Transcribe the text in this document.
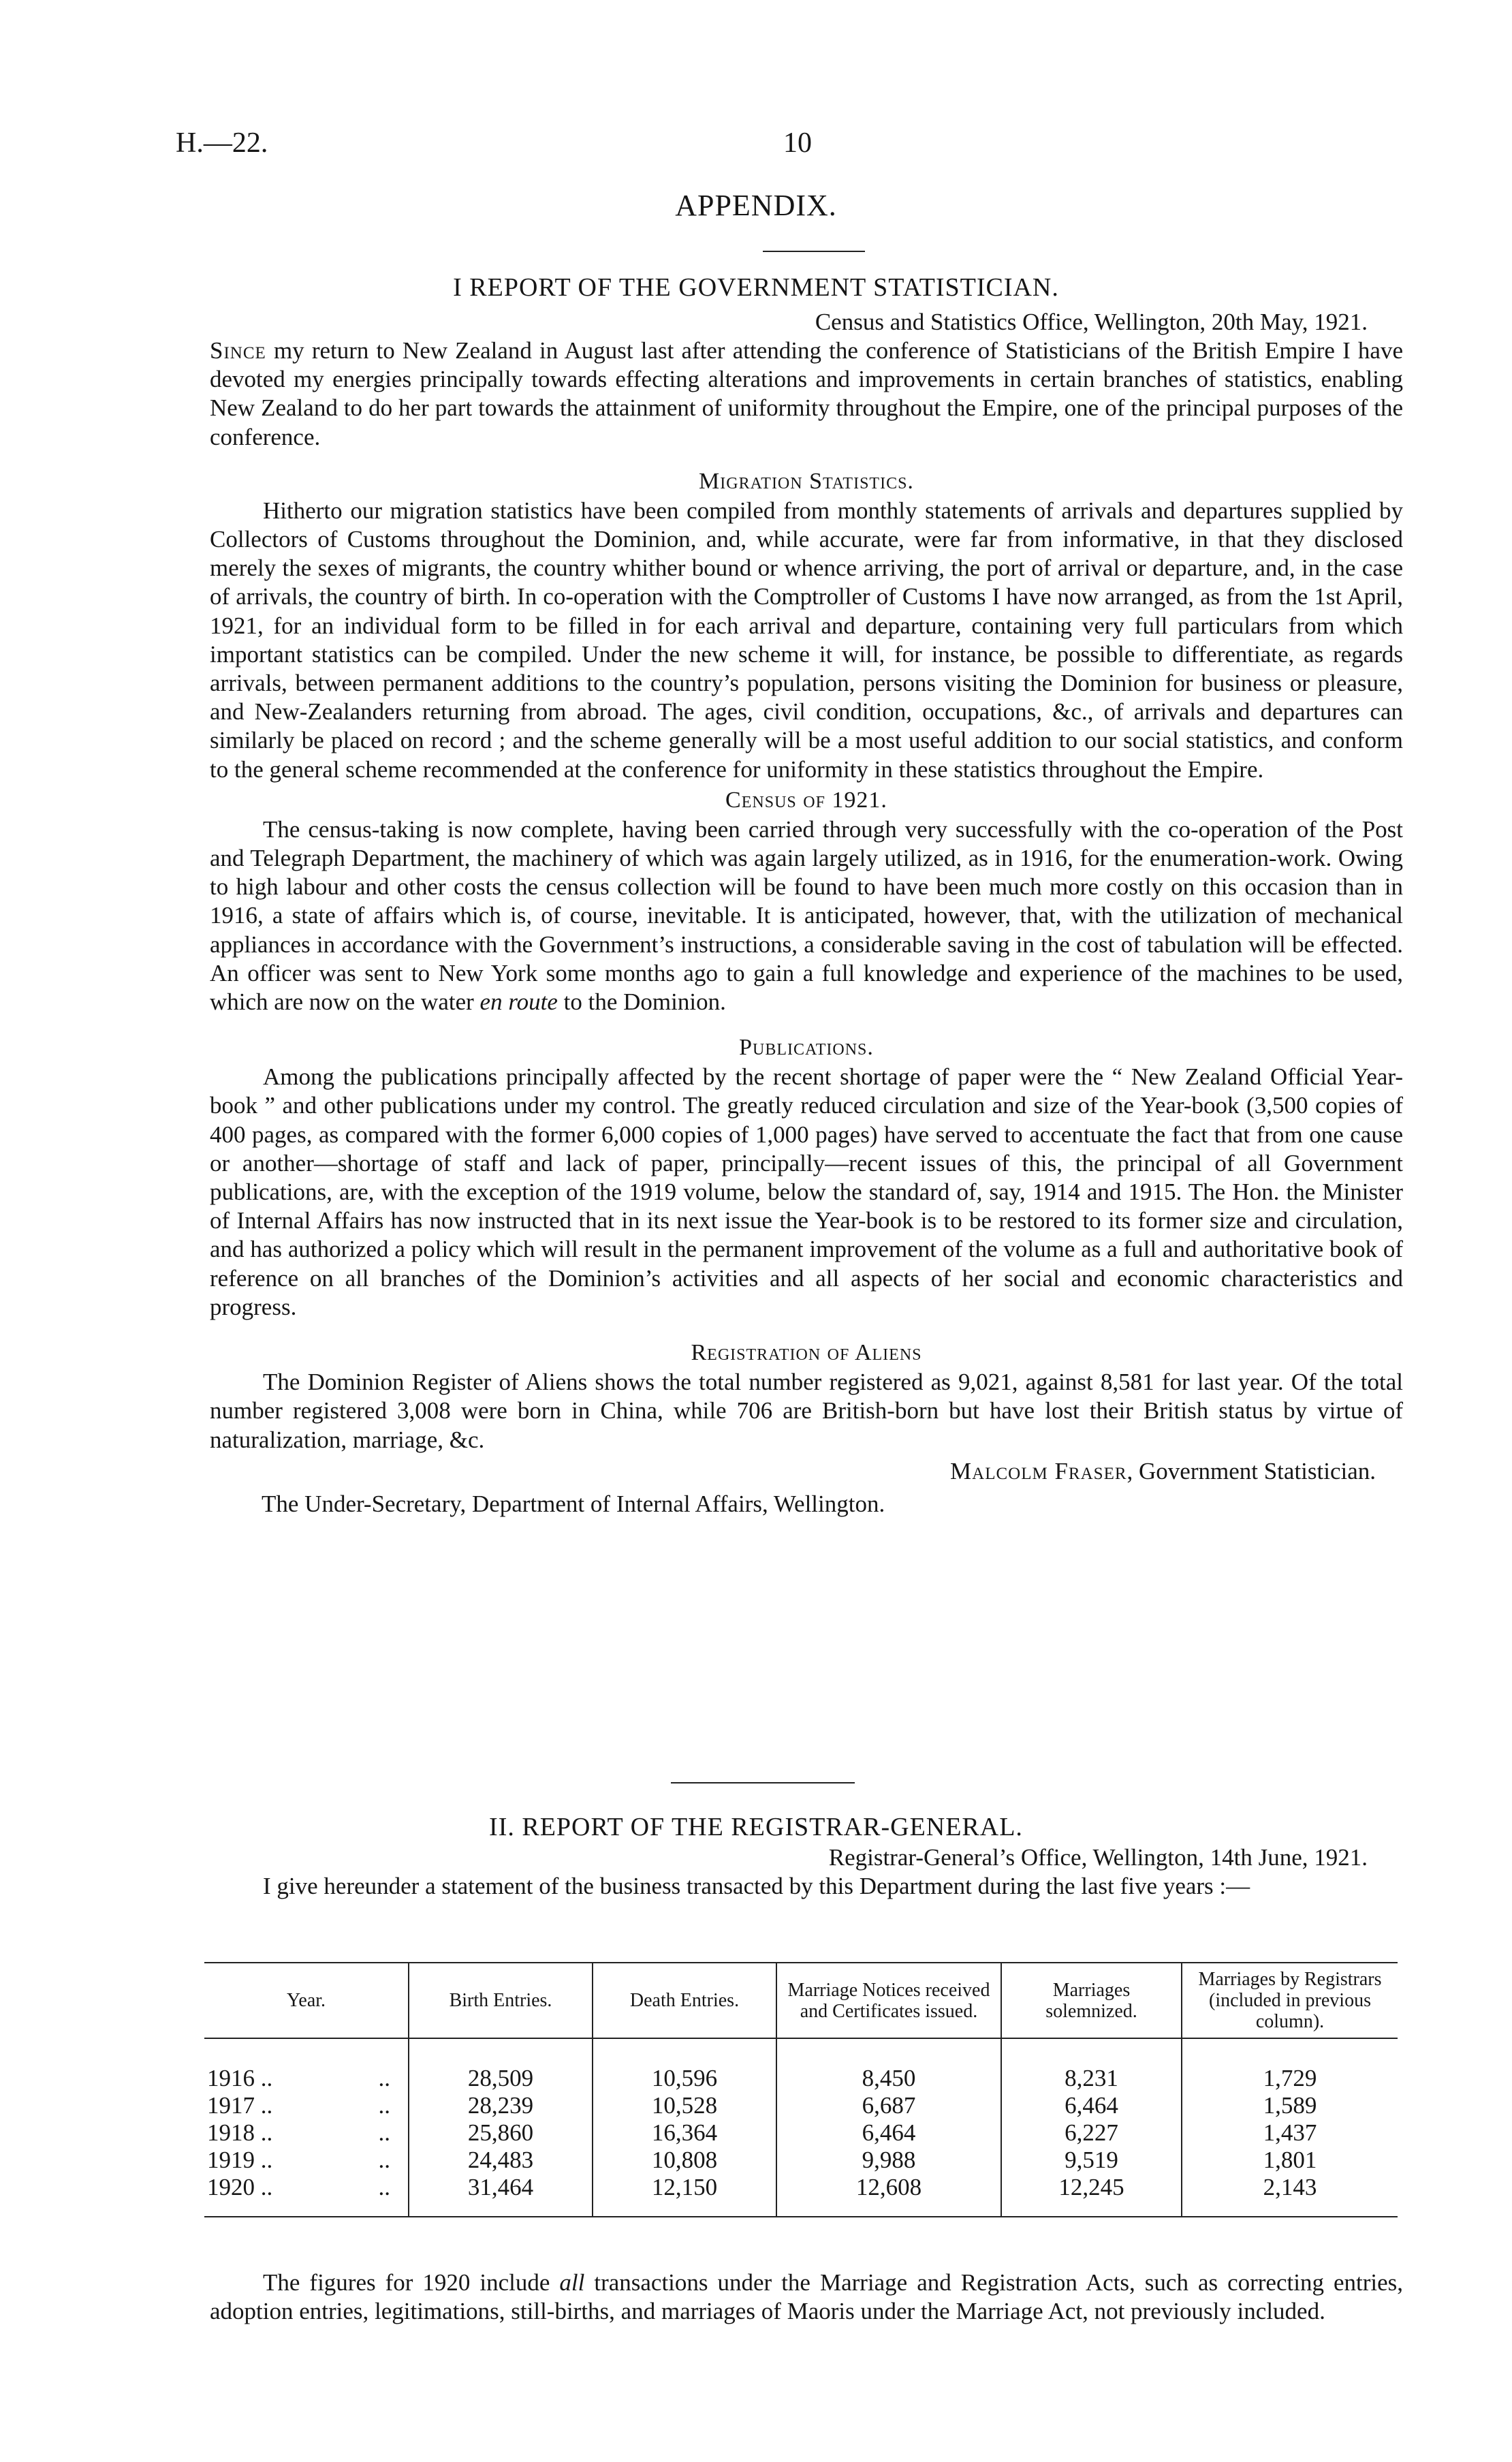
H.—22.	10
APPENDIX.
I REPORT OF THE GOVERNMENT STATISTICIAN.
Census and Statistics Office, Wellington, 20th May, 1921.

Since my return to New Zealand in August last after attending the conference of Statisticians of the British Empire I have devoted my energies principally towards effecting alterations and improvements in certain branches of statistics, enabling New Zealand to do her part towards the attainment of uniformity throughout the Empire, one of the principal purposes of the conference.

Migration Statistics.

Hitherto our migration statistics have been compiled from monthly statements of arrivals and departures supplied by Collectors of Customs throughout the Dominion, and, while accurate, were far from informative, in that they disclosed merely the sexes of migrants, the country whither bound or whence arriving, the port of arrival or departure, and, in the case of arrivals, the country of birth. In co-operation with the Comptroller of Customs I have now arranged, as from the 1st April, 1921, for an individual form to be filled in for each arrival and departure, containing very full particulars from which important statistics can be compiled. Under the new scheme it will, for instance, be possible to differentiate, as regards arrivals, between permanent additions to the country’s population, persons visiting the Dominion for business or pleasure, and New-Zealanders returning from abroad. The ages, civil condition, occupations, &c., of arrivals and departures can similarly be placed on record ; and the scheme generally will be a most useful addition to our social statistics, and conform to the general scheme recommended at the conference for uniformity in these statistics throughout the Empire.

Census of 1921.

The census-taking is now complete, having been carried through very successfully with the co-operation of the Post and Telegraph Department, the machinery of which was again largely utilized, as in 1916, for the enumeration-work. Owing to high labour and other costs the census collection will be found to have been much more costly on this occasion than in 1916, a state of affairs which is, of course, inevitable. It is anticipated, however, that, with the utilization of mechanical appliances in accordance with the Government’s instructions, a considerable saving in the cost of tabulation will be effected. An officer was sent to New York some months ago to gain a full knowledge and experience of the machines to be used, which are now on the water en route to the Dominion.

Publications.

Among the publications principally affected by the recent shortage of paper were the “ New Zealand Official Year-book ” and other publications under my control. The greatly reduced circulation and size of the Year-book (3,500 copies of 400 pages, as compared with the former 6,000 copies of 1,000 pages) have served to accentuate the fact that from one cause or another—shortage of staff and lack of paper, principally—recent issues of this, the principal of all Government publications, are, with the exception of the 1919 volume, below the standard of, say, 1914 and 1915. The Hon. the Minister of Internal Affairs has now instructed that in its next issue the Year-book is to be restored to its former size and circulation, and has authorized a policy which will result in the permanent improvement of the volume as a full and authoritative book of reference on all branches of the Dominion’s activities and all aspects of her social and economic characteristics and progress.

Registration of Aliens

The Dominion Register of Aliens shows the total number registered as 9,021, against 8,581 for last year. Of the total number registered 3,008 were born in China, while 706 are British-born but have lost their British status by virtue of naturalization, marriage, &c.

Malcolm Fraser, Government Statistician.
The Under-Secretary, Department of Internal Affairs, Wellington.
II. REPORT OF THE REGISTRAR-GENERAL.
Registrar-General’s Office, Wellington, 14th June, 1921.

I give hereunder a statement of the business transacted by this Department during the last five years :—

Year.	Birth Entries.	Death Entries.	Marriage Notices received and Certificates issued.	Marriages solemnized.	Marriages by Registrars (included in previous column).
1916 .. ..	28,509	10,596	8,450	8,231	1,729
1917 .. ..	28,239	10,528	6,687	6,464	1,589
1918 .. ..	25,860	16,364	6,464	6,227	1,437
1919 .. ..	24,483	10,808	9,988	9,519	1,801
1920 .. ..	31,464	12,150	12,608	12,245	2,143

The figures for 1920 include all transactions under the Marriage and Registration Acts, such as correcting entries, adoption entries, legitimations, still-births, and marriages of Maoris under the Marriage Act, not previously included.
